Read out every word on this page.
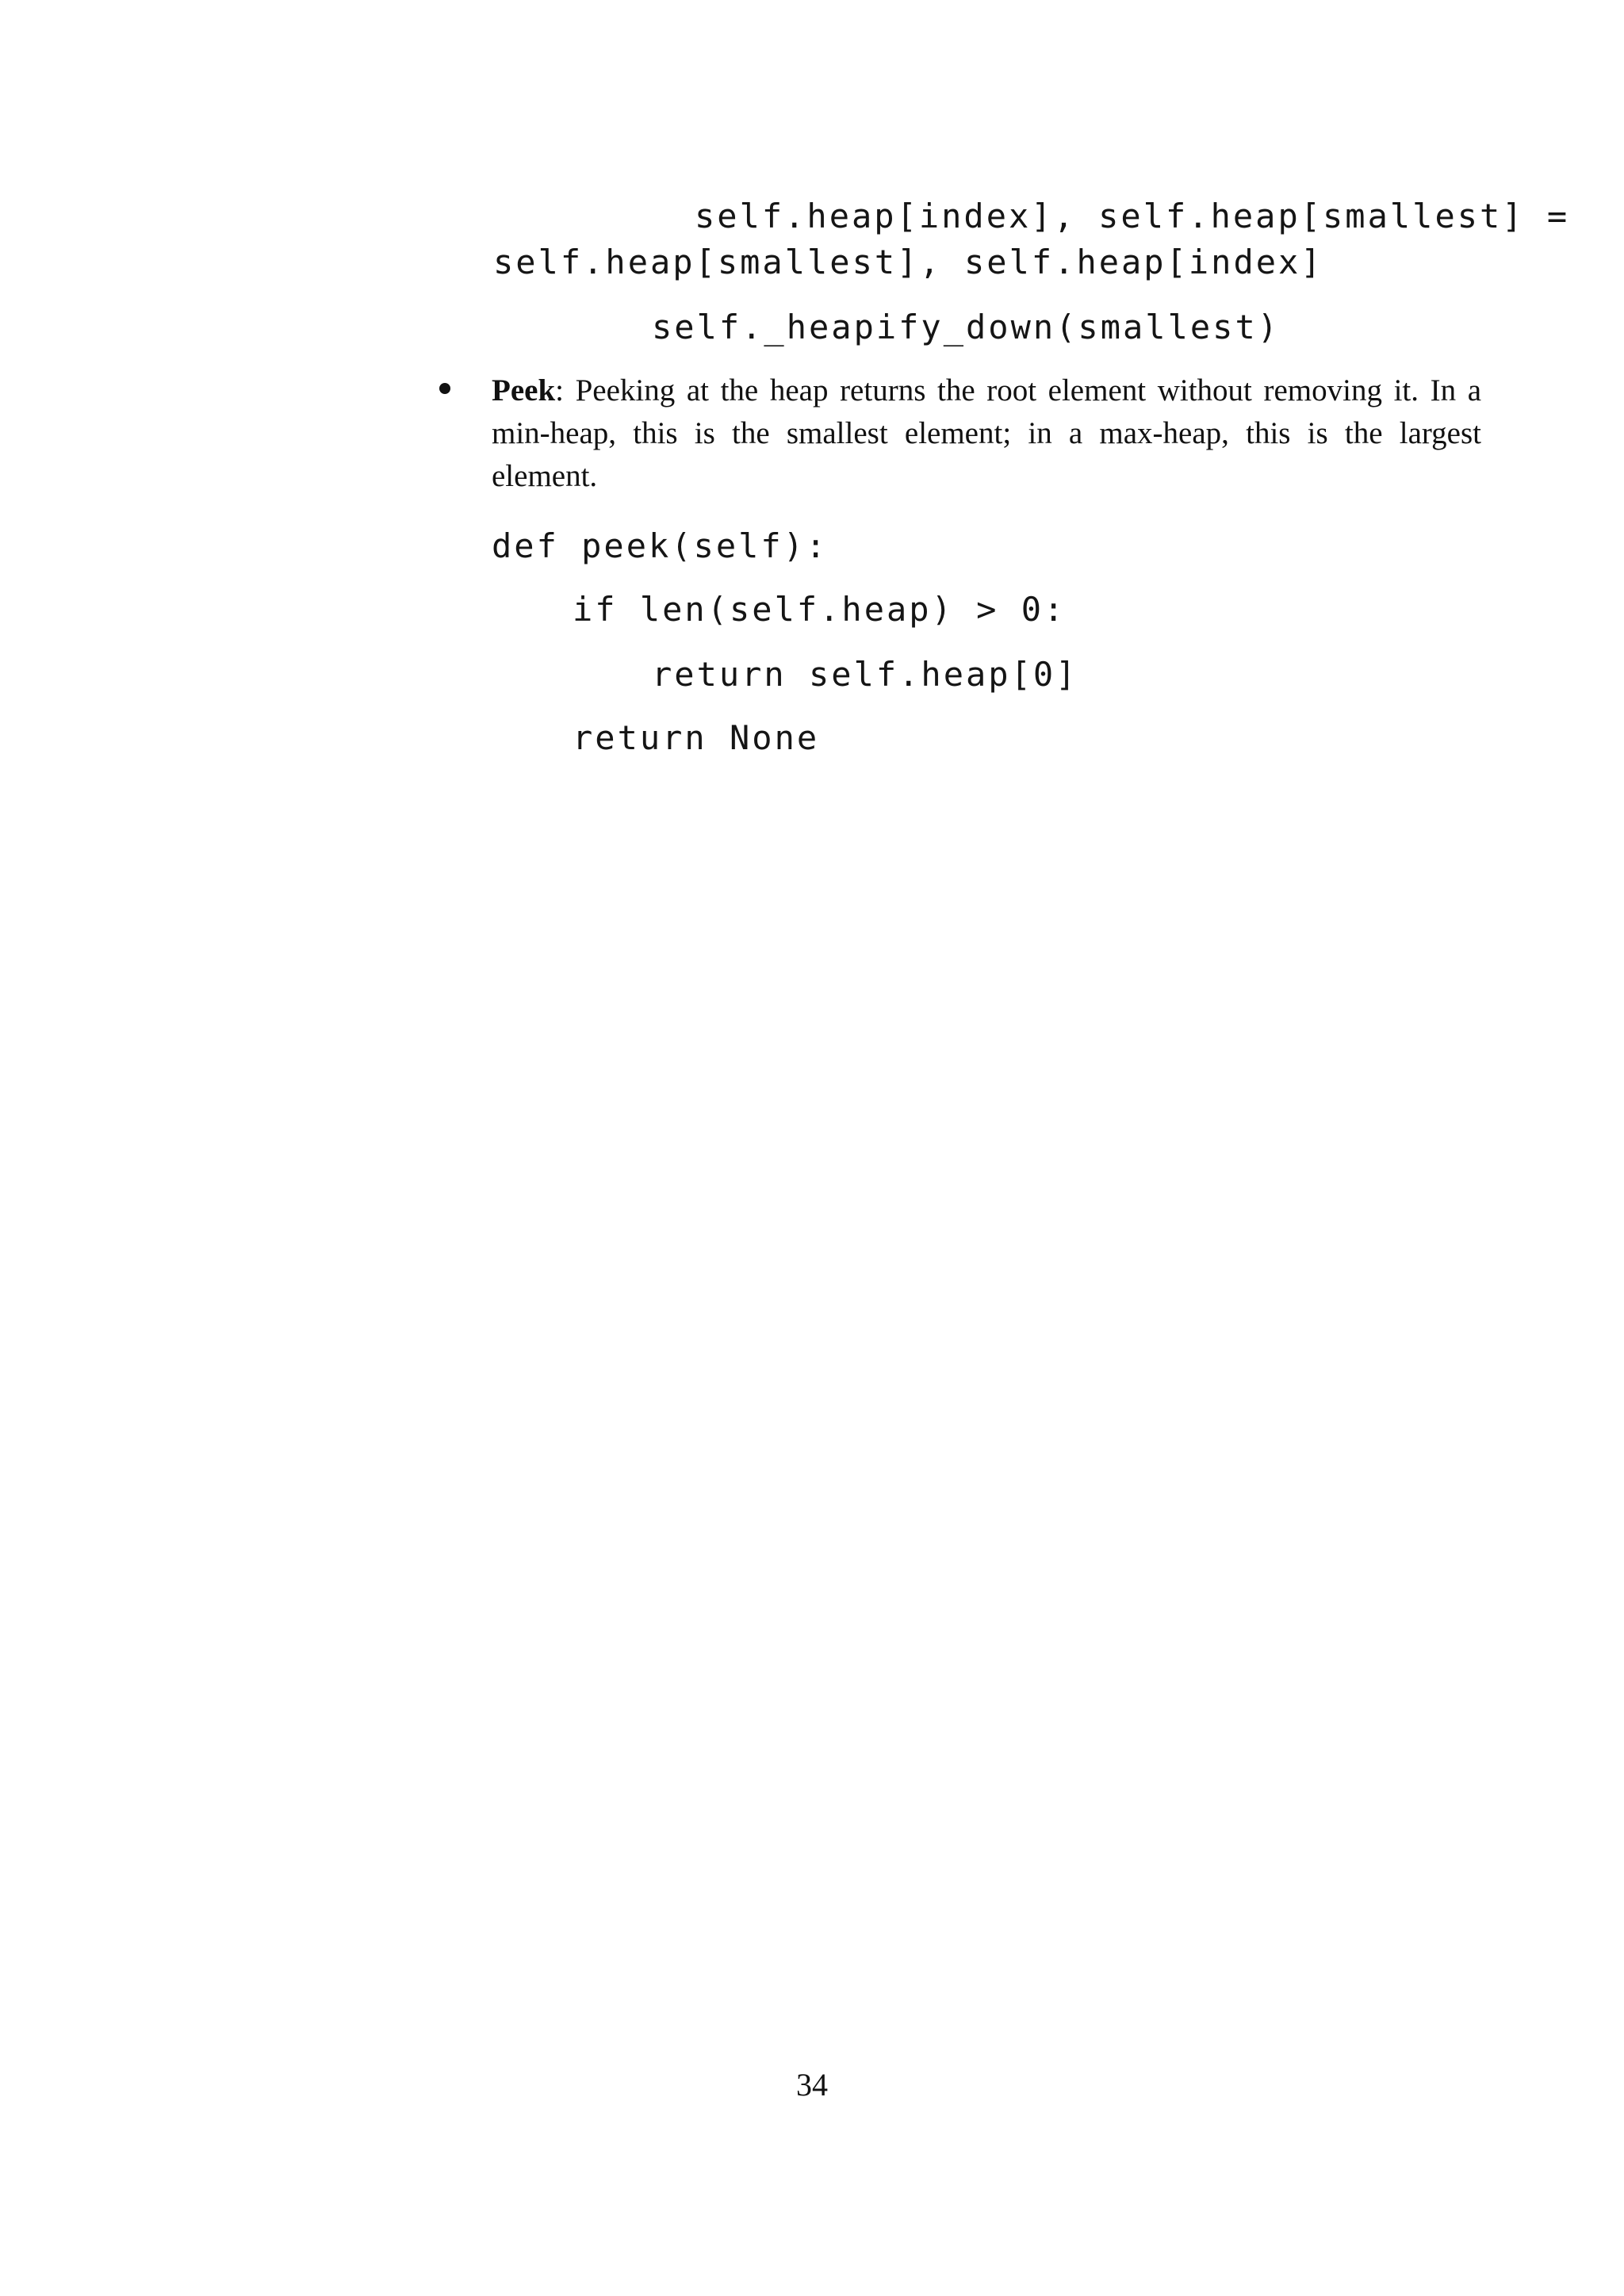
self.heap[index], self.heap[smallest] =
self.heap[smallest], self.heap[index]
self._heapify_down(smallest)
Peek: Peeking at the heap returns the root element without removing it. In a min-heap, this is the smallest element; in a max-heap, this is the largest element.
def peek(self):
if len(self.heap) > 0:
return self.heap[0]
return None
34
